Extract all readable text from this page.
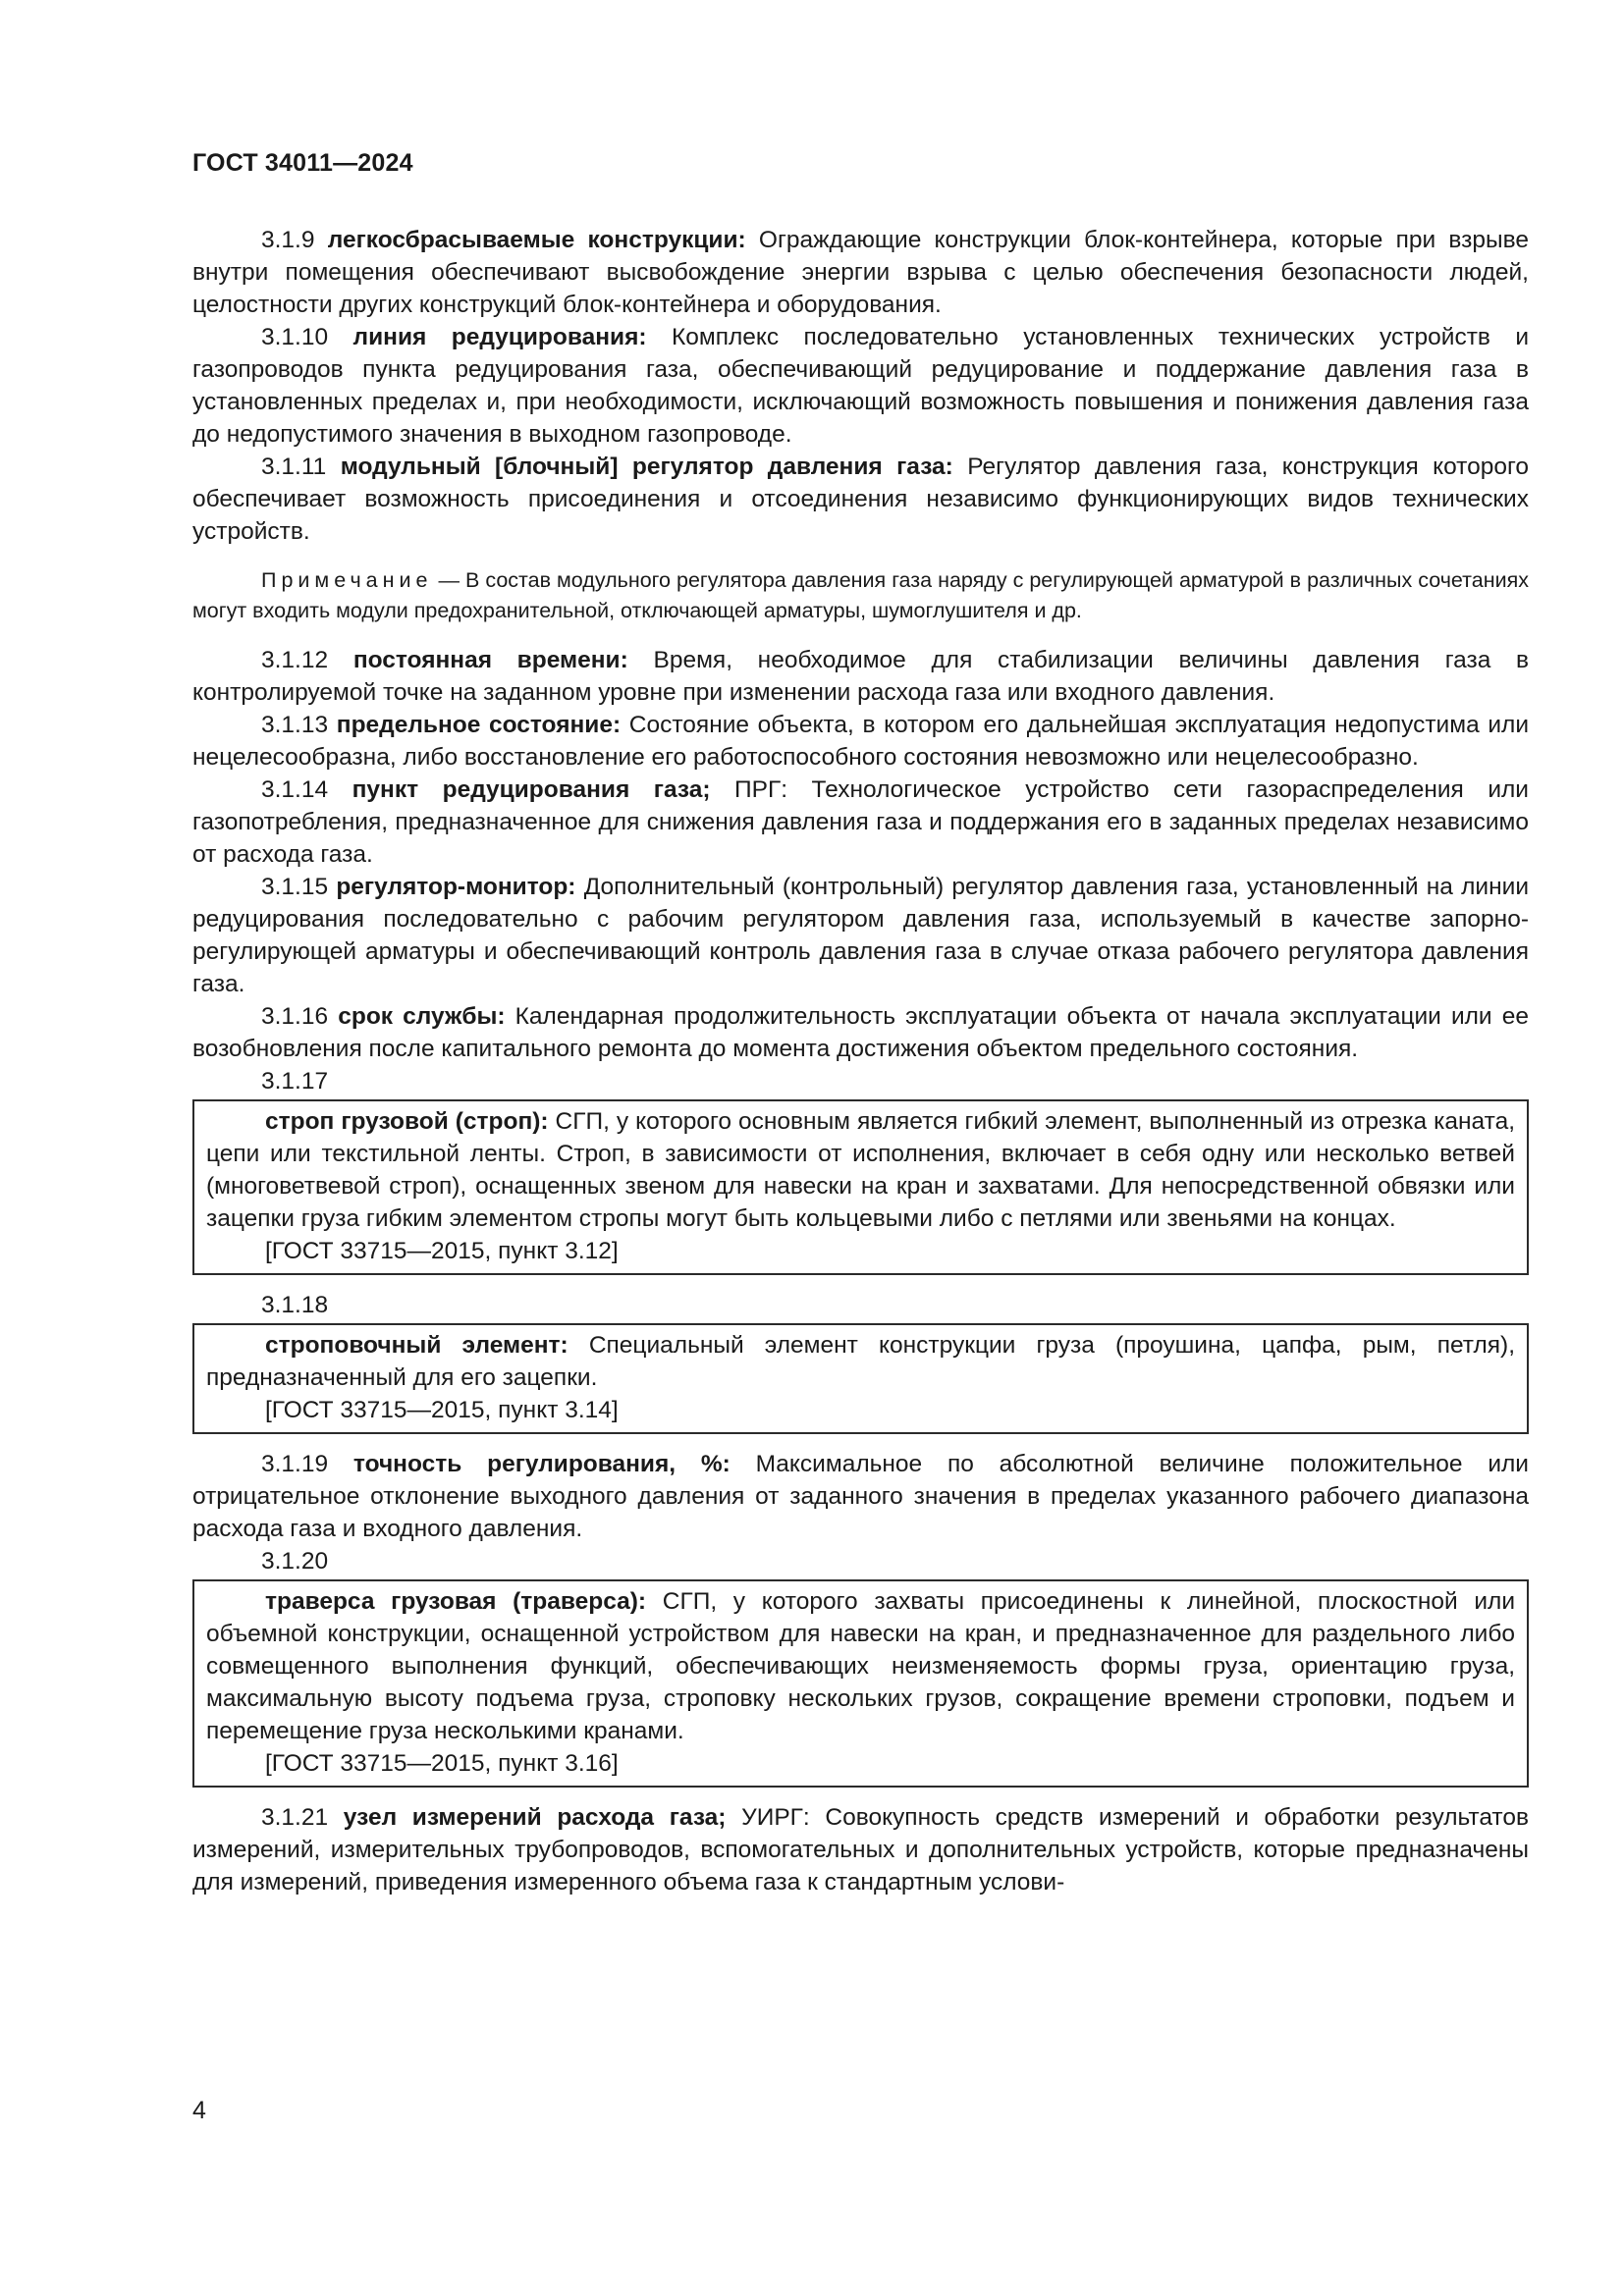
ГОСТ 34011—2024

3.1.9 легкосбрасываемые конструкции: Ограждающие конструкции блок-контейнера, которые при взрыве внутри помещения обеспечивают высвобождение энергии взрыва с целью обеспечения безопасности людей, целостности других конструкций блок-контейнера и оборудования.

3.1.10 линия редуцирования: Комплекс последовательно установленных технических устройств и газопроводов пункта редуцирования газа, обеспечивающий редуцирование и поддержание давления газа в установленных пределах и, при необходимости, исключающий возможность повышения и понижения давления газа до недопустимого значения в выходном газопроводе.

3.1.11 модульный [блочный] регулятор давления газа: Регулятор давления газа, конструкция которого обеспечивает возможность присоединения и отсоединения независимо функционирующих видов технических устройств.

Примечание — В состав модульного регулятора давления газа наряду с регулирующей арматурой в различных сочетаниях могут входить модули предохранительной, отключающей арматуры, шумоглушителя и др.

3.1.12 постоянная времени: Время, необходимое для стабилизации величины давления газа в контролируемой точке на заданном уровне при изменении расхода газа или входного давления.

3.1.13 предельное состояние: Состояние объекта, в котором его дальнейшая эксплуатация недопустима или нецелесообразна, либо восстановление его работоспособного состояния невозможно или нецелесообразно.

3.1.14 пункт редуцирования газа; ПРГ: Технологическое устройство сети газораспределения или газопотребления, предназначенное для снижения давления газа и поддержания его в заданных пределах независимо от расхода газа.

3.1.15 регулятор-монитор: Дополнительный (контрольный) регулятор давления газа, установленный на линии редуцирования последовательно с рабочим регулятором давления газа, используемый в качестве запорно-регулирующей арматуры и обеспечивающий контроль давления газа в случае отказа рабочего регулятора давления газа.

3.1.16 срок службы: Календарная продолжительность эксплуатации объекта от начала эксплуатации или ее возобновления после капитального ремонта до момента достижения объектом предельного состояния.

3.1.17

строп грузовой (строп): СГП, у которого основным является гибкий элемент, выполненный из отрезка каната, цепи или текстильной ленты. Строп, в зависимости от исполнения, включает в себя одну или несколько ветвей (многоветвевой строп), оснащенных звеном для навески на кран и захватами. Для непосредственной обвязки или зацепки груза гибким элементом стропы могут быть кольцевыми либо с петлями или звеньями на концах.

[ГОСТ 33715—2015, пункт 3.12]

3.1.18

строповочный элемент: Специальный элемент конструкции груза (проушина, цапфа, рым, петля), предназначенный для его зацепки.

[ГОСТ 33715—2015, пункт 3.14]

3.1.19 точность регулирования, %: Максимальное по абсолютной величине положительное или отрицательное отклонение выходного давления от заданного значения в пределах указанного рабочего диапазона расхода газа и входного давления.

3.1.20

траверса грузовая (траверса): СГП, у которого захваты присоединены к линейной, плоскостной или объемной конструкции, оснащенной устройством для навески на кран, и предназначенное для раздельного либо совмещенного выполнения функций, обеспечивающих неизменяемость формы груза, ориентацию груза, максимальную высоту подъема груза, строповку нескольких грузов, сокращение времени строповки, подъем и перемещение груза несколькими кранами.

[ГОСТ 33715—2015, пункт 3.16]

3.1.21 узел измерений расхода газа; УИРГ: Совокупность средств измерений и обработки результатов измерений, измерительных трубопроводов, вспомогательных и дополнительных устройств, которые предназначены для измерений, приведения измеренного объема газа к стандартным услови-

4
